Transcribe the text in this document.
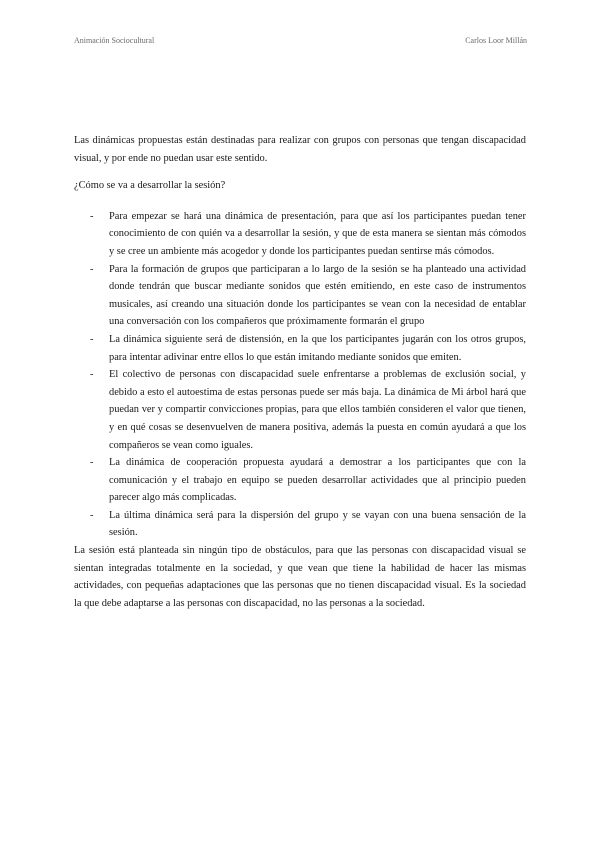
Animación Sociocultural	Carlos Loor Millán

Las dinámicas propuestas están destinadas para realizar con grupos con personas que tengan discapacidad visual, y por ende no puedan usar este sentido.

¿Cómo se va a desarrollar la sesión?

- Para empezar se hará una dinámica de presentación, para que así los participantes puedan tener conocimiento de con quién va a desarrollar la sesión, y que de esta manera se sientan más cómodos y se cree un ambiente más acogedor y donde los participantes puedan sentirse más cómodos.
- Para la formación de grupos que participaran a lo largo de la sesión se ha planteado una actividad donde tendrán que buscar mediante sonidos que estén emitiendo, en este caso de instrumentos musicales, así creando una situación donde los participantes se vean con la necesidad de entablar una conversación con los compañeros que próximamente formarán el grupo
- La dinámica siguiente será de distensión, en la que los participantes jugarán con los otros grupos, para intentar adivinar entre ellos lo que están imitando mediante sonidos que emiten.
- El colectivo de personas con discapacidad suele enfrentarse a problemas de exclusión social, y debido a esto el autoestima de estas personas puede ser más baja. La dinámica de Mi árbol hará que puedan ver y compartir convicciones propias, para que ellos también consideren el valor que tienen, y en qué cosas se desenvuelven de manera positiva, además la puesta en común ayudará a que los compañeros se vean como iguales.
- La dinámica de cooperación propuesta ayudará a demostrar a los participantes que con la comunicación y el trabajo en equipo se pueden desarrollar actividades que al principio pueden parecer algo más complicadas.
- La última dinámica será para la dispersión del grupo y se vayan con una buena sensación de la sesión.

La sesión está planteada sin ningún tipo de obstáculos, para que las personas con discapacidad visual se sientan integradas totalmente en la sociedad, y que vean que tiene la habilidad de hacer las mismas actividades, con pequeñas adaptaciones que las personas que no tienen discapacidad visual. Es la sociedad la que debe adaptarse a las personas con discapacidad, no las personas a la sociedad.
